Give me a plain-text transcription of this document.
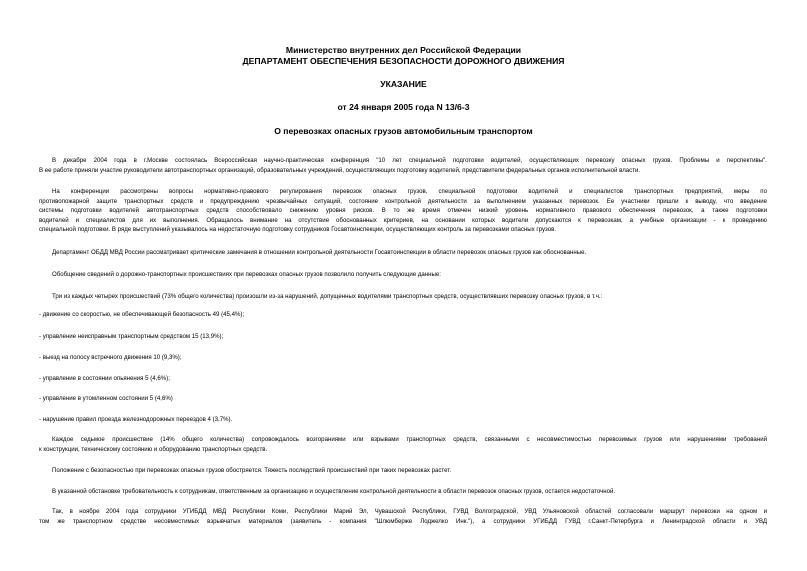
Министерство внутренних дел Российской Федерации
ДЕПАРТАМЕНТ ОБЕСПЕЧЕНИЯ БЕЗОПАСНОСТИ ДОРОЖНОГО ДВИЖЕНИЯ
УКАЗАНИЕ
от 24 января 2005 года N 13/6-3
О перевозках опасных грузов автомобильным транспортом
В декабре 2004 года в г.Москве состоялась Всероссийская научно-практическая конференция "10 лет специальной подготовки водителей, осуществляющих перевозку опасных грузов. Проблемы и перспективы".
В ее работе приняли участие руководители автотранспортных организаций, образовательных учреждений, осуществляющих подготовку водителей, представители федеральных органов исполнительной власти.
На конференции рассмотрены вопросы нормативно-правового регулирования перевозок опасных грузов, специальной подготовки водителей и специалистов транспортных предприятий, меры по
противопожарной защите транспортных средств и предупреждению чрезвычайных ситуаций, состояние контрольной деятельности за выполнением указанных перевозок. Ее участники пришли к выводу, что введение
системы подготовки водителей автотранспортных средств способствовало снижению уровня рисков. В то же время отмечен низкий уровень нормативного правового обеспечения перевозок, а также подготовки
водителей и специалистов для их выполнения. Обращалось внимание на отсутствие обоснованных критериев, на основании которых водители допускаются к перевозкам, а учебные организации - к проведению
специальной подготовки. В ряде выступлений указывалось на недостаточную подготовку сотрудников Госавтоинспекции, осуществляющих контроль за перевозками опасных грузов.
Департамент ОБДД МВД России рассматривает критические замечания в отношении контрольной деятельности Госавтоинспекции в области перевозок опасных грузов как обоснованные.
Обобщение сведений о дорожно-транспортных происшествиях при перевозках опасных грузов позволило получить следующие данные:
Три из каждых четырех происшествий (73% общего количества) произошли из-за нарушений, допущенных водителями транспортных средств, осуществлявших перевозку опасных грузов, в т.ч.:
- движение со скоростью, не обеспечивающей безопасность 49 (45,4%);
- управление неисправным транспортным средством 15 (13,9%);
- выезд на полосу встречного движения 10 (9,3%);
- управление в состоянии опьянения 5 (4,6%);
- управление в утомленном состоянии 5 (4,6%)
- нарушение правил проезда железнодорожных переездов 4 (3,7%).
Каждое седьмое происшествие (14% общего количества) сопровождалось возгораниями или взрывами транспортных средств, связанными с несовместимостью перевозимых грузов или нарушениями требований
к конструкции, техническому состоянию и оборудованию транспортных средств.
Положение с безопасностью при перевозках опасных грузов обостряется. Тяжесть последствий происшествий при таких перевозках растет.
В указанной обстановке требовательность к сотрудникам, ответственным за организацию и осуществление контрольной деятельности в области перевозок опасных грузов, остается недостаточной.
Так, в ноябре 2004 года сотрудники УГИБДД МВД Республики Коми, Республики Марий Эл, Чувашской Республики, ГУВД Волгоградской, УВД Ульяновской областей согласовали маршрут перевозки на одном и
том же транспортном средстве несовместимых взрывчатых материалов (заявитель - компания "Шлюмберже Лоджелко Инк."), а сотрудники УГИБДД ГУВД г.Санкт-Петербурга и Ленинградской области и УВД
